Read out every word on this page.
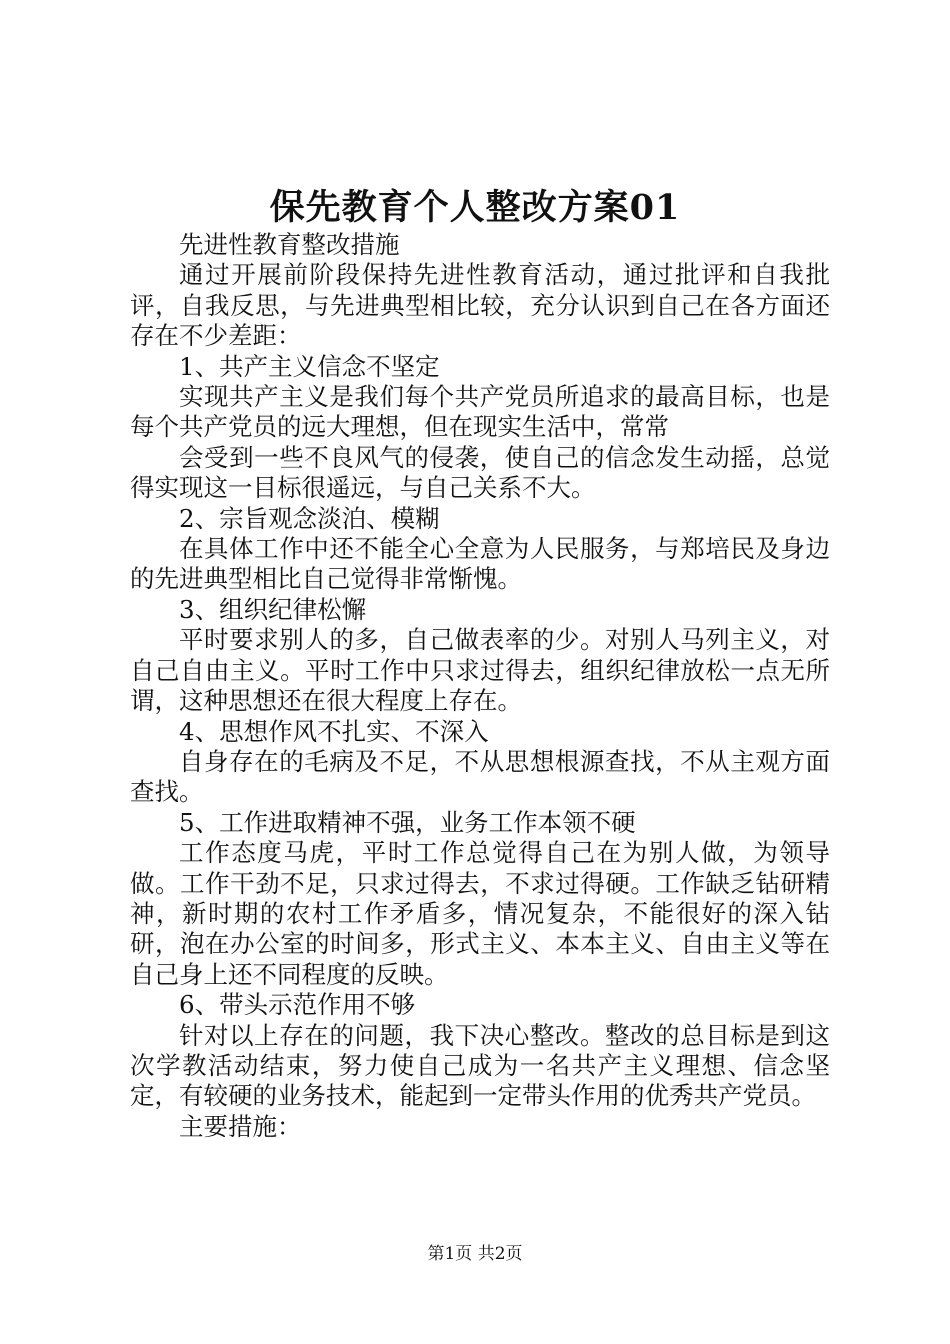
保先教育个人整改方案01

先进性教育整改措施

通过开展前阶段保持先进性教育活动，通过批评和自我批评，自我反思，与先进典型相比较，充分认识到自己在各方面还存在不少差距：

1、共产主义信念不坚定

实现共产主义是我们每个共产党员所追求的最高目标，也是每个共产党员的远大理想，但在现实生活中，常常

会受到一些不良风气的侵袭，使自己的信念发生动摇，总觉得实现这一目标很遥远，与自己关系不大。

2、宗旨观念淡泊、模糊

在具体工作中还不能全心全意为人民服务，与郑培民及身边的先进典型相比自己觉得非常惭愧。

3、组织纪律松懈

平时要求别人的多，自己做表率的少。对别人马列主义，对自己自由主义。平时工作中只求过得去，组织纪律放松一点无所谓，这种思想还在很大程度上存在。

4、思想作风不扎实、不深入

自身存在的毛病及不足，不从思想根源查找，不从主观方面查找。

5、工作进取精神不强，业务工作本领不硬

工作态度马虎，平时工作总觉得自己在为别人做，为领导做。工作干劲不足，只求过得去，不求过得硬。工作缺乏钻研精神，新时期的农村工作矛盾多，情况复杂，不能很好的深入钻研，泡在办公室的时间多，形式主义、本本主义、自由主义等在自己身上还不同程度的反映。

6、带头示范作用不够

针对以上存在的问题，我下决心整改。整改的总目标是到这次学教活动结束，努力使自己成为一名共产主义理想、信念坚定，有较硬的业务技术，能起到一定带头作用的优秀共产党员。

主要措施：

第1页 共2页
